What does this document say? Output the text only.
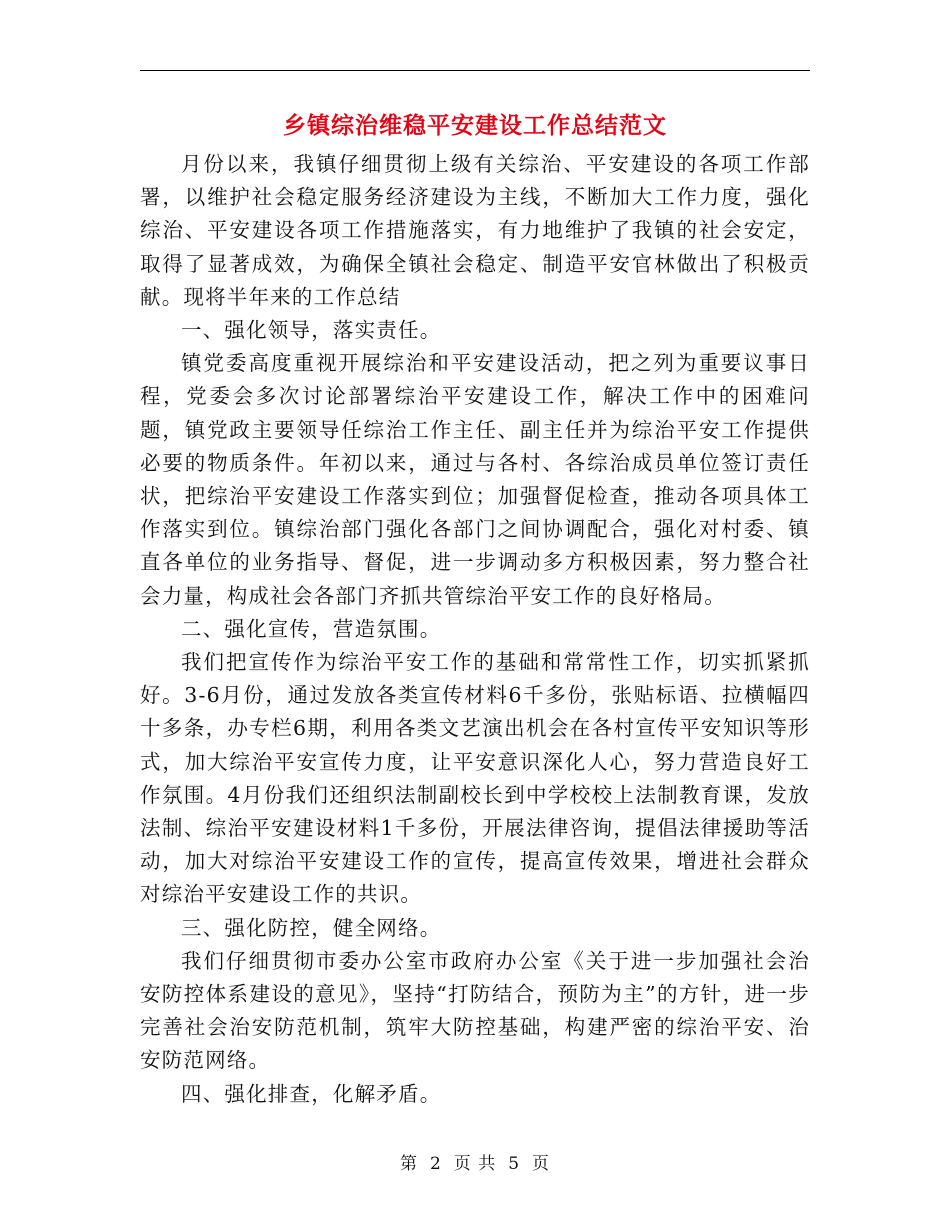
乡镇综治维稳平安建设工作总结范文

月份以来，我镇仔细贯彻上级有关综治、平安建设的各项工作部署，以维护社会稳定服务经济建设为主线，不断加大工作力度，强化综治、平安建设各项工作措施落实，有力地维护了我镇的社会安定，取得了显著成效，为确保全镇社会稳定、制造平安官林做出了积极贡献。现将半年来的工作总结

一、强化领导，落实责任。

镇党委高度重视开展综治和平安建设活动，把之列为重要议事日程，党委会多次讨论部署综治平安建设工作，解决工作中的困难问题，镇党政主要领导任综治工作主任、副主任并为综治平安工作提供必要的物质条件。年初以来，通过与各村、各综治成员单位签订责任状，把综治平安建设工作落实到位；加强督促检查，推动各项具体工作落实到位。镇综治部门强化各部门之间协调配合，强化对村委、镇直各单位的业务指导、督促，进一步调动多方积极因素，努力整合社会力量，构成社会各部门齐抓共管综治平安工作的良好格局。

二、强化宣传，营造氛围。

我们把宣传作为综治平安工作的基础和常常性工作，切实抓紧抓好。3-6月份，通过发放各类宣传材料6千多份，张贴标语、拉横幅四十多条，办专栏6期，利用各类文艺演出机会在各村宣传平安知识等形式，加大综治平安宣传力度，让平安意识深化人心，努力营造良好工作氛围。4月份我们还组织法制副校长到中学校校上法制教育课，发放法制、综治平安建设材料1千多份，开展法律咨询，提倡法律援助等活动，加大对综治平安建设工作的宣传，提高宣传效果，增进社会群众对综治平安建设工作的共识。

三、强化防控，健全网络。

我们仔细贯彻市委办公室市政府办公室《关于进一步加强社会治安防控体系建设的意见》，坚持“打防结合，预防为主”的方针，进一步完善社会治安防范机制，筑牢大防控基础，构建严密的综治平安、治安防范网络。

四、强化排查，化解矛盾。

第 2 页 共 5 页
